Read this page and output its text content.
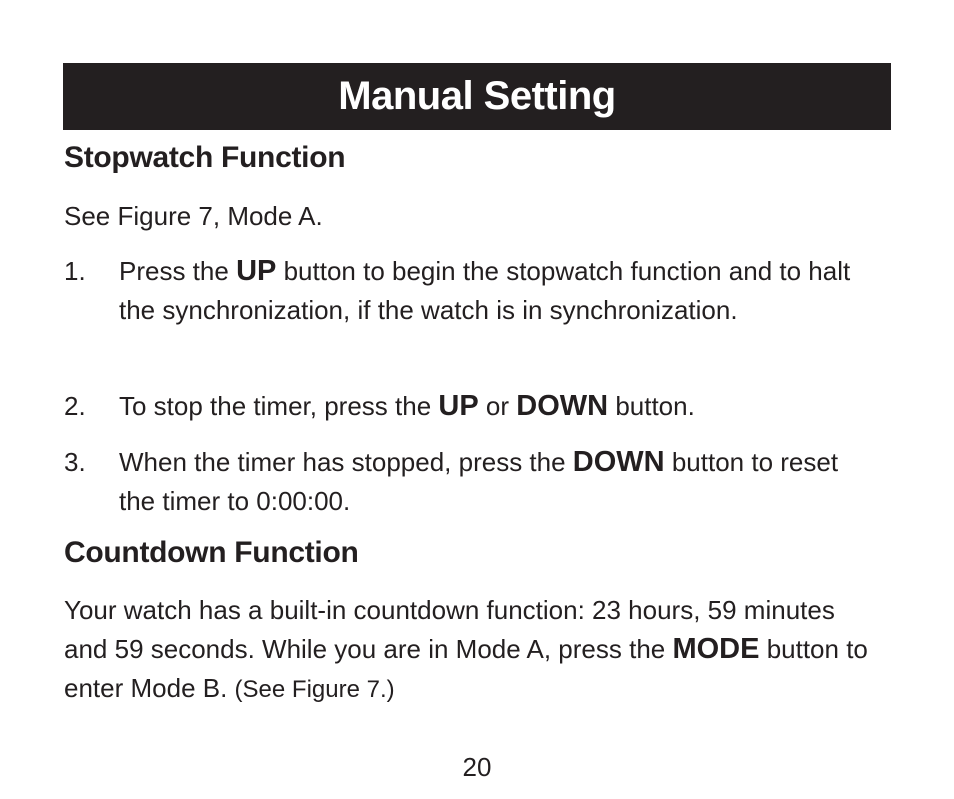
Manual Setting
Stopwatch Function

See Figure 7, Mode A.

1. Press the UP button to begin the stopwatch function and to halt the synchronization, if the watch is in synchronization.
2. To stop the timer, press the UP or DOWN button.
3. When the timer has stopped, press the DOWN button to reset the timer to 0:00:00.
Countdown Function

Your watch has a built-in countdown function: 23 hours, 59 minutes and 59 seconds. While you are in Mode A, press the MODE button to enter Mode B. (See Figure 7.)

20
